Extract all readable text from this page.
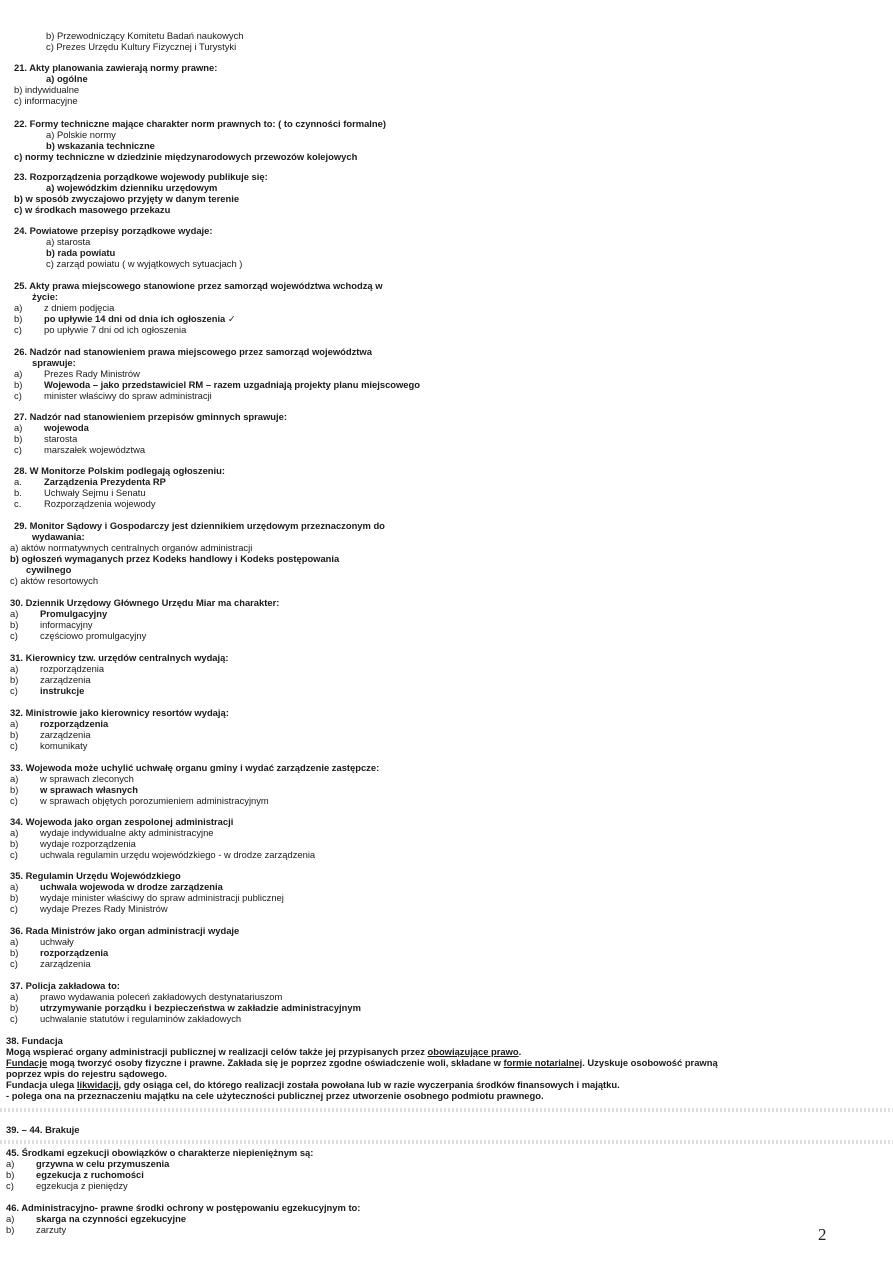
b) Przewodniczący Komitetu Badań naukowych
c) Prezes Urzędu Kultury Fizycznej i Turystyki
21. Akty planowania zawierają normy prawne:
a) ogólne
b) indywidualne
c) informacyjne
22. Formy techniczne mające charakter norm prawnych to: ( to czynności formalne)
a) Polskie normy
b) wskazania techniczne
c) normy techniczne w dziedzinie międzynarodowych przewozów kolejowych
23. Rozporządzenia porządkowe wojewody publikuje się:
a) wojewódzkim dzienniku urzędowym
b) w sposób zwyczajowo przyjęty w danym terenie
c) w środkach masowego przekazu
24. Powiatowe przepisy porządkowe wydaje:
a) starosta
b) rada powiatu
c) zarząd powiatu ( w wyjątkowych sytuacjach )
25. Akty prawa miejscowego stanowione przez samorząd województwa wchodzą w
życie:
a) z dniem podjęcia
b) po upływie 14 dni od dnia ich ogłoszenia ✓
c) po upływie 7 dni od ich ogłoszenia
26. Nadzór nad stanowieniem prawa miejscowego przez samorząd województwa
sprawuje:
a) Prezes Rady Ministrów
b) Wojewoda – jako przedstawiciel RM – razem uzgadniają projekty planu miejscowego
c) minister właściwy do spraw administracji
27. Nadzór nad stanowieniem przepisów gminnych sprawuje:
a) wojewoda
b) starosta
c) marszałek województwa
28. W Monitorze Polskim podlegają ogłoszeniu:
a. Zarządzenia Prezydenta RP
b. Uchwały Sejmu i Senatu
c. Rozporządzenia wojewody
29. Monitor Sądowy i Gospodarczy jest dziennikiem urzędowym przeznaczonym do
wydawania:
a) aktów normatywnych centralnych organów administracji
b) ogłoszeń wymaganych przez Kodeks handlowy i Kodeks postępowania
cywilnego
c) aktów resortowych
30. Dziennik Urzędowy Głównego Urzędu Miar ma charakter:
a) Promulgacyjny
b) informacyjny
c) częściowo promulgacyjny
31. Kierownicy tzw. urzędów centralnych wydają:
a) rozporządzenia
b) zarządzenia
c) instrukcje
32. Ministrowie jako kierownicy resortów wydają:
a) rozporządzenia
b) zarządzenia
c) komunikaty
33. Wojewoda może uchylić uchwałę organu gminy i wydać zarządzenie zastępcze:
a) w sprawach zleconych
b) w sprawach własnych
c) w sprawach objętych porozumieniem administracyjnym
34. Wojewoda jako organ zespolonej administracji
a) wydaje indywidualne akty administracyjne
b) wydaje rozporządzenia
c) uchwala regulamin urzędu wojewódzkiego - w drodze zarządzenia
35. Regulamin Urzędu Wojewódzkiego
a) uchwala wojewoda w drodze zarządzenia
b) wydaje minister właściwy do spraw administracji publicznej
c) wydaje Prezes Rady Ministrów
36. Rada Ministrów jako organ administracji wydaje
a) uchwały
b) rozporządzenia
c) zarządzenia
37. Policja zakładowa to:
a) prawo wydawania poleceń zakładowych destynatariuszom
b) utrzymywanie porządku i bezpieczeństwa w zakładzie administracyjnym
c) uchwalanie statutów i regulaminów zakładowych
38. Fundacja
Mogą wspierać organy administracji publicznej w realizacji celów także jej przypisanych przez obowiązujące prawo.
Fundacje mogą tworzyć osoby fizyczne i prawne. Zakłada się je poprzez zgodne oświadczenie woli, składane w formie notarialnej. Uzyskuje osobowość prawną
poprzez wpis do rejestru sądowego.
Fundacja ulega likwidacji, gdy osiąga cel, do którego realizacji została powołana lub w razie wyczerpania środków finansowych i majątku.
- polega ona na przeznaczeniu majątku na cele użyteczności publicznej przez utworzenie osobnego podmiotu prawnego.
39. – 44. Brakuje
45. Środkami egzekucji obowiązków o charakterze niepieniężnym są:
a) grzywna w celu przymuszenia
b) egzekucja z ruchomości
c) egzekucja z pieniędzy
46. Administracyjno- prawne środki ochrony w postępowaniu egzekucyjnym to:
a) skarga na czynności egzekucyjne
b) zarzuty	2
